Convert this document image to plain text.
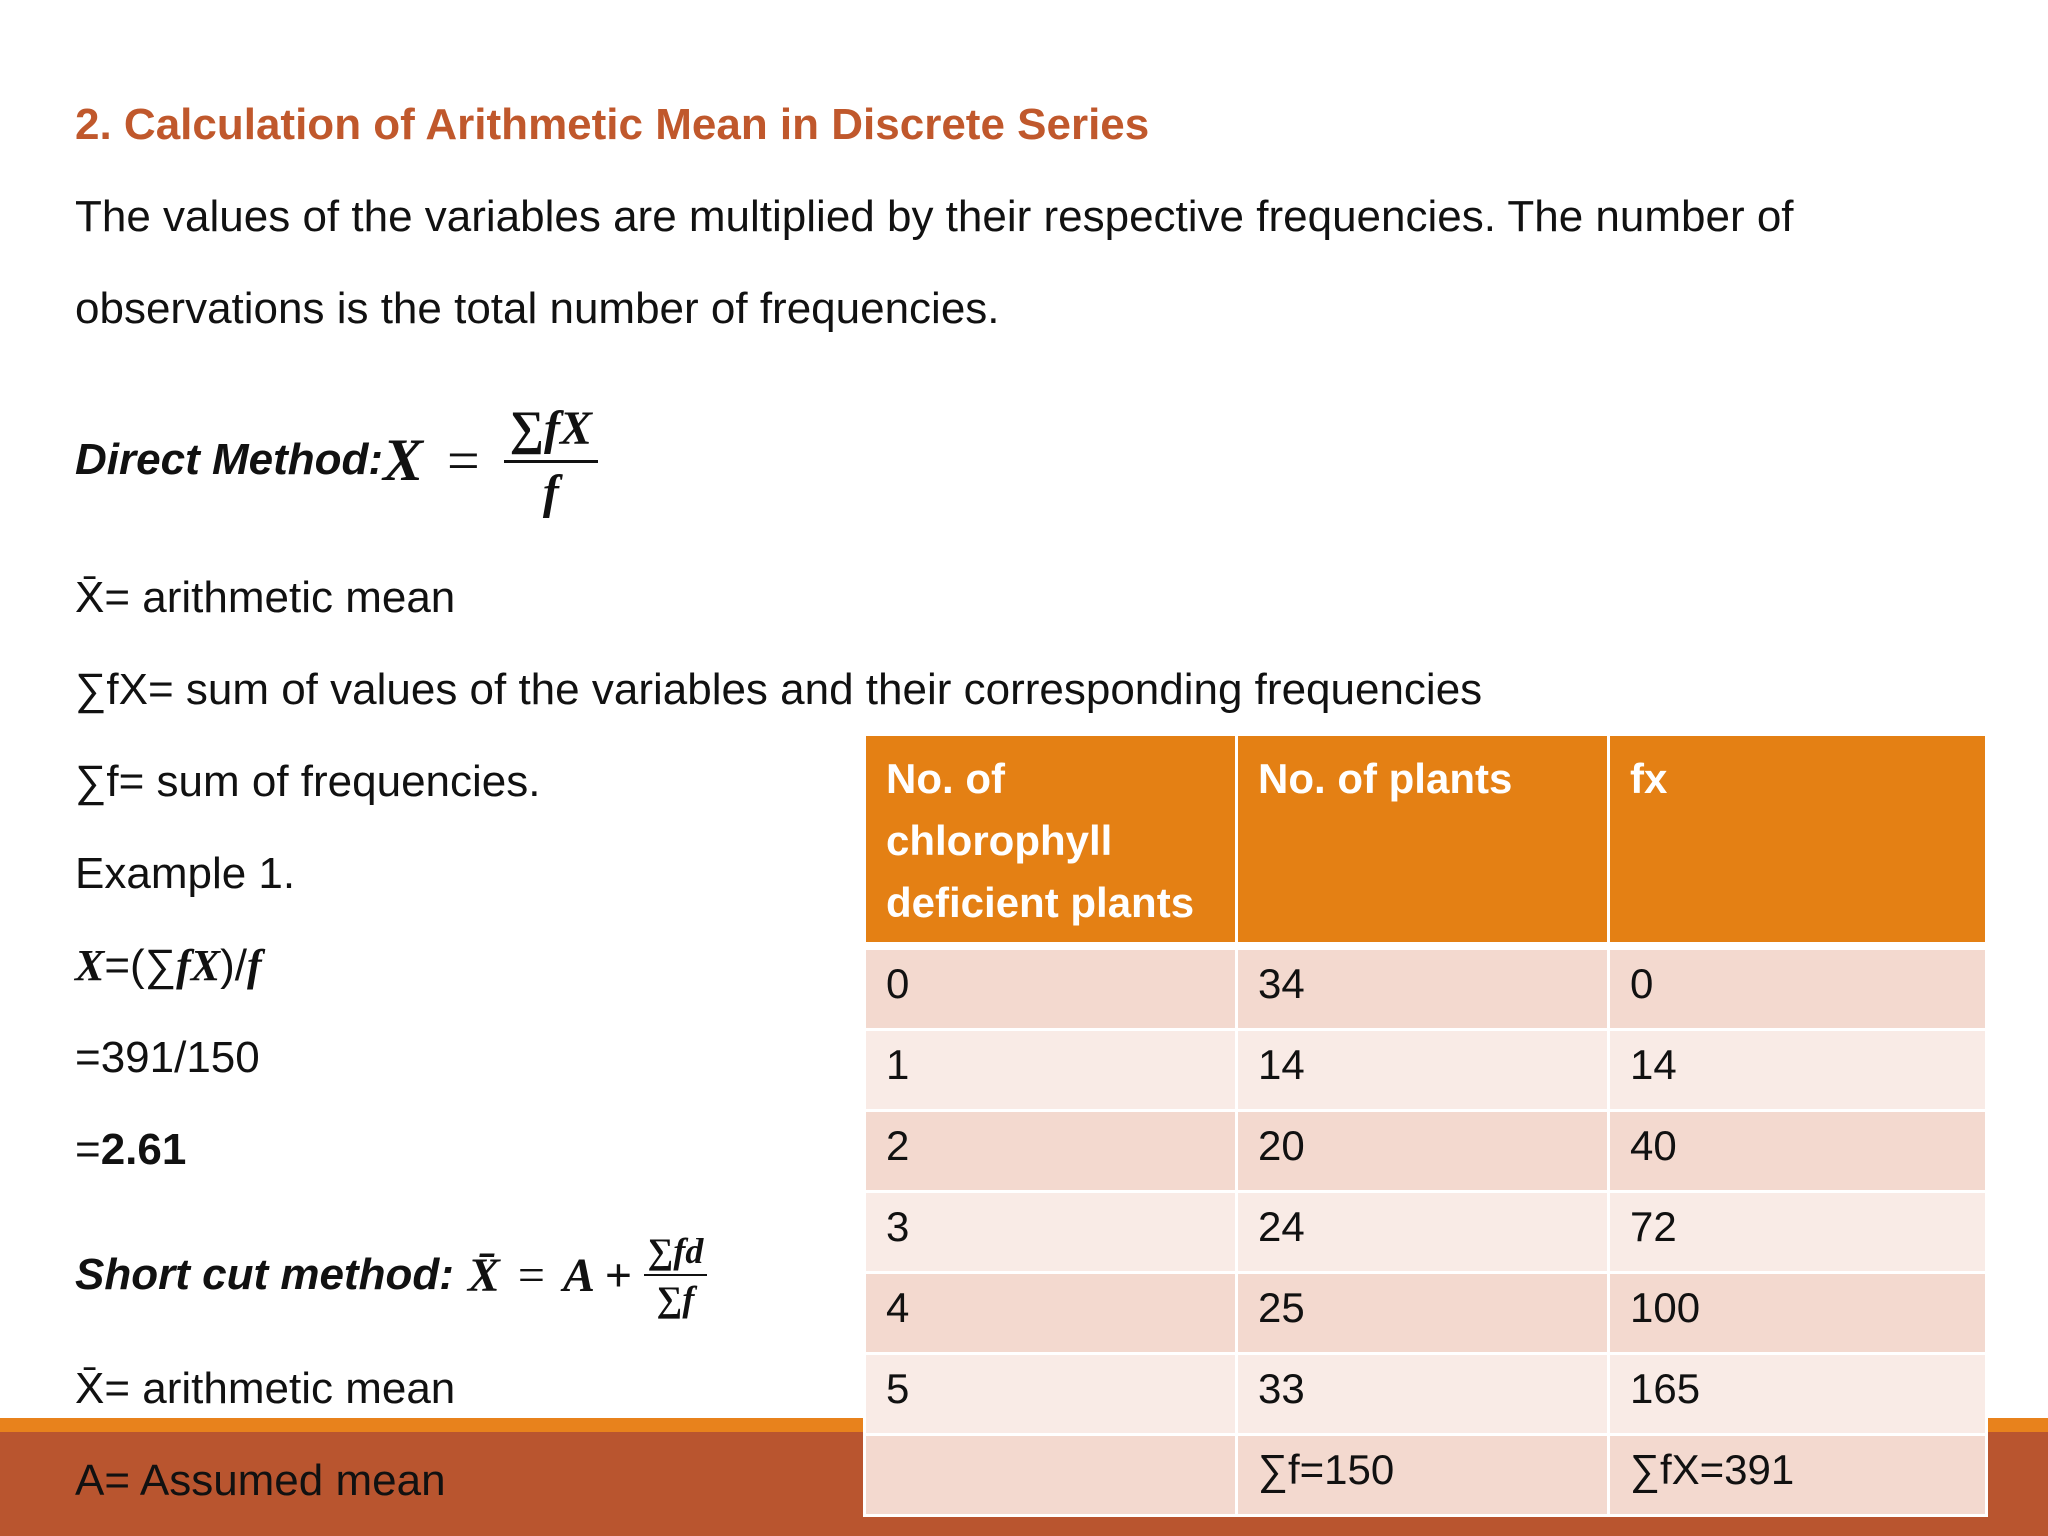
2. Calculation of Arithmetic Mean in Discrete Series
The values of the variables are multiplied by their respective frequencies. The number of
observations is the total number of frequencies.
Direct Method: $X = \frac{\sum fX}{f}$
X̄= arithmetic mean
∑fX= sum of values of the variables and their corresponding frequencies
∑f= sum of frequencies.
Example 1.
X=(∑fX)/f
=391/150
=2.61
Short cut method: X̄ = $A + \frac{\sum fd}{\sum f}$
X̄= arithmetic mean
A= Assumed mean
No. of chlorophyll deficient plants	No. of plants	fx
0	34	0
1	14	14
2	20	40
3	24	72
4	25	100
5	33	165
	∑f=150	∑fX=391
